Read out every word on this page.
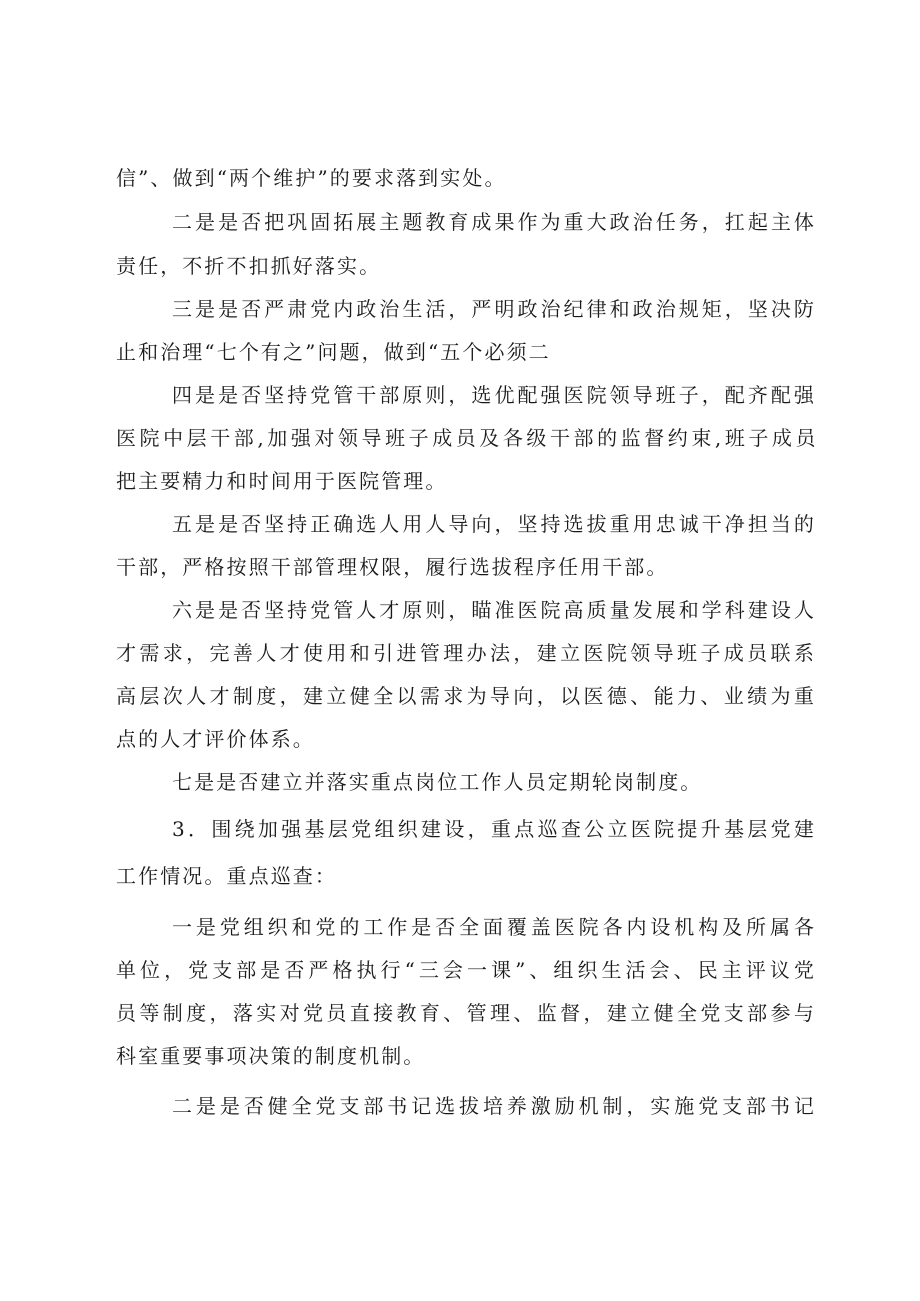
信”、做到“两个维护”的要求落到实处。
二是是否把巩固拓展主题教育成果作为重大政治任务，扛起主体
责任，不折不扣抓好落实。
三是是否严肃党内政治生活，严明政治纪律和政治规矩，坚决防
止和治理“七个有之”问题，做到“五个必须二
四是是否坚持党管干部原则，选优配强医院领导班子，配齐配强
医院中层干部,加强对领导班子成员及各级干部的监督约束,班子成员
把主要精力和时间用于医院管理。
五是是否坚持正确选人用人导向，坚持选拔重用忠诚干净担当的
干部，严格按照干部管理权限，履行选拔程序任用干部。
六是是否坚持党管人才原则，瞄准医院高质量发展和学科建设人
才需求，完善人才使用和引进管理办法，建立医院领导班子成员联系
高层次人才制度，建立健全以需求为导向，以医德、能力、业绩为重
点的人才评价体系。
七是是否建立并落实重点岗位工作人员定期轮岗制度。
3．围绕加强基层党组织建设，重点巡查公立医院提升基层党建
工作情况。重点巡查：
一是党组织和党的工作是否全面覆盖医院各内设机构及所属各
单位，党支部是否严格执行“三会一课”、组织生活会、民主评议党
员等制度，落实对党员直接教育、管理、监督，建立健全党支部参与
科室重要事项决策的制度机制。
二是是否健全党支部书记选拔培养激励机制，实施党支部书记
